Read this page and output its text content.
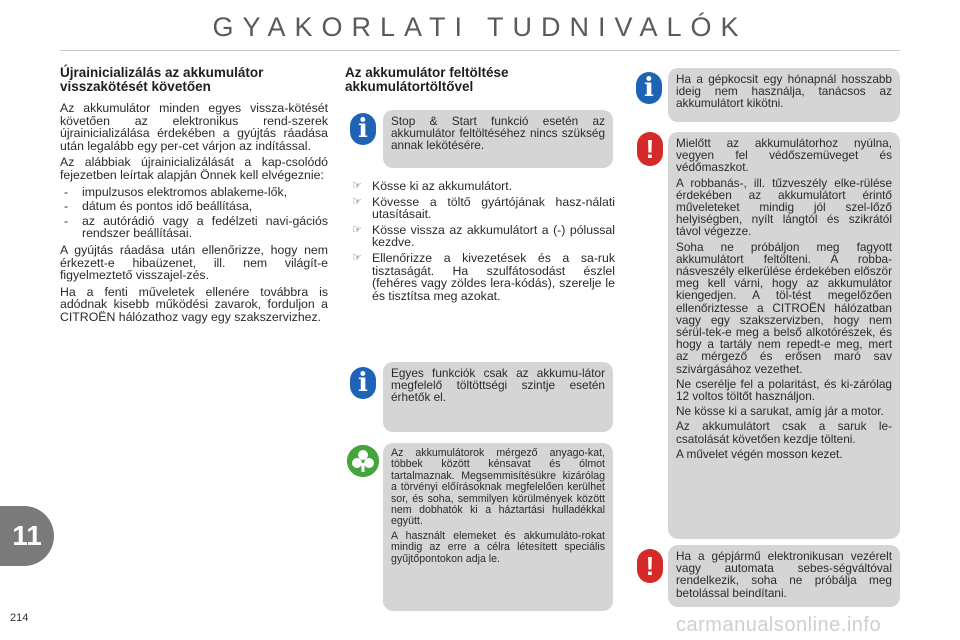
GYAKORLATI TUDNIVALÓK
Újrainicializálás az akkumulátor visszakötését követően

Az akkumulátor minden egyes vissza-kötését követően az elektronikus rend-szerek újrainicializálása érdekében a gyújtás ráadása után legalább egy per-cet várjon az indítással.

Az alábbiak újrainicializálását a kap-csolódó fejezetben leírtak alapján Önnek kell elvégeznie:

- impulzusos elektromos ablakeme-lők,
- dátum és pontos idő beállítása,
- az autórádió vagy a fedélzeti navi-gációs rendszer beállításai.

A gyújtás ráadása után ellenőrizze, hogy nem érkezett-e hibaüzenet, ill. nem világít-e figyelmeztető visszajel-zés.

Ha a fenti műveletek ellenére továbbra is adódnak kisebb működési zavarok, forduljon a CITROËN hálózathoz vagy egy szakszervizhez.

Az akkumulátor feltöltése akkumulátortöltővel
i	Stop & Start funkció esetén az akkumulátor feltöltéséhez nincs szükség annak lekötésére.

☞ Kösse ki az akkumulátort.
☞ Kövesse a töltő gyártójának hasz-nálati utasításait.
☞ Kösse vissza az akkumulátort a (-) pólussal kezdve.
☞ Ellenőrizze a kivezetések és a sa-ruk tisztaságát. Ha szulfátosodást észlel (fehéres vagy zöldes lera-kódás), szerelje le és tisztítsa meg azokat.
i	Egyes funkciók csak az akkumu-látor megfelelő töltöttségi szintje esetén érhetők el.

Az akkumulátorok mérgező anyago-kat, többek között kénsavat és ólmot tartalmaznak. Megsemmisítésükre kizárólag a törvényi előírásoknak megfelelően kerülhet sor, és soha, semmilyen körülmények között nem dobhatók ki a háztartási hulladékkal együtt.

A használt elemeket és akkumuláto-rokat mindig az erre a célra létesített speciális gyűjtőpontokon adja le.

i	Ha a gépkocsit egy hónapnál hosszabb ideig nem használja, tanácsos az akkumulátort kikötni.

!	Mielőtt az akkumulátorhoz nyúlna, vegyen fel védőszemüveget és védőmaszkot.

A robbanás-, ill. tűzveszély elke-rülése érdekében az akkumulátort érintő műveleteket mindig jól szel-lőző helyiségben, nyílt lángtól és szikrától távol végezze.

Soha ne próbáljon meg fagyott akkumulátort feltölteni. A robba-násveszély elkerülése érdekében először meg kell várni, hogy az akkumulátor kiengedjen. A töl-tést megelőzően ellenőriztesse a CITROËN hálózatban vagy egy szakszervizben, hogy nem sérül-tek-e meg a belső alkotórészek, és hogy a tartály nem repedt-e meg, mert az mérgező és erősen maró sav szivárgásához vezethet.

Ne cserélje fel a polaritást, és ki-zárólag 12 voltos töltőt használjon.

Ne kösse ki a sarukat, amíg jár a motor.

Az akkumulátort csak a saruk le-csatolását követően kezdje tölteni.

A művelet végén mosson kezet.

!	Ha a gépjármű elektronikusan vezérelt vagy automata sebes-ségváltóval rendelkezik, soha ne próbálja meg betolással beindítani.

11
214	carmanualsonline.info
